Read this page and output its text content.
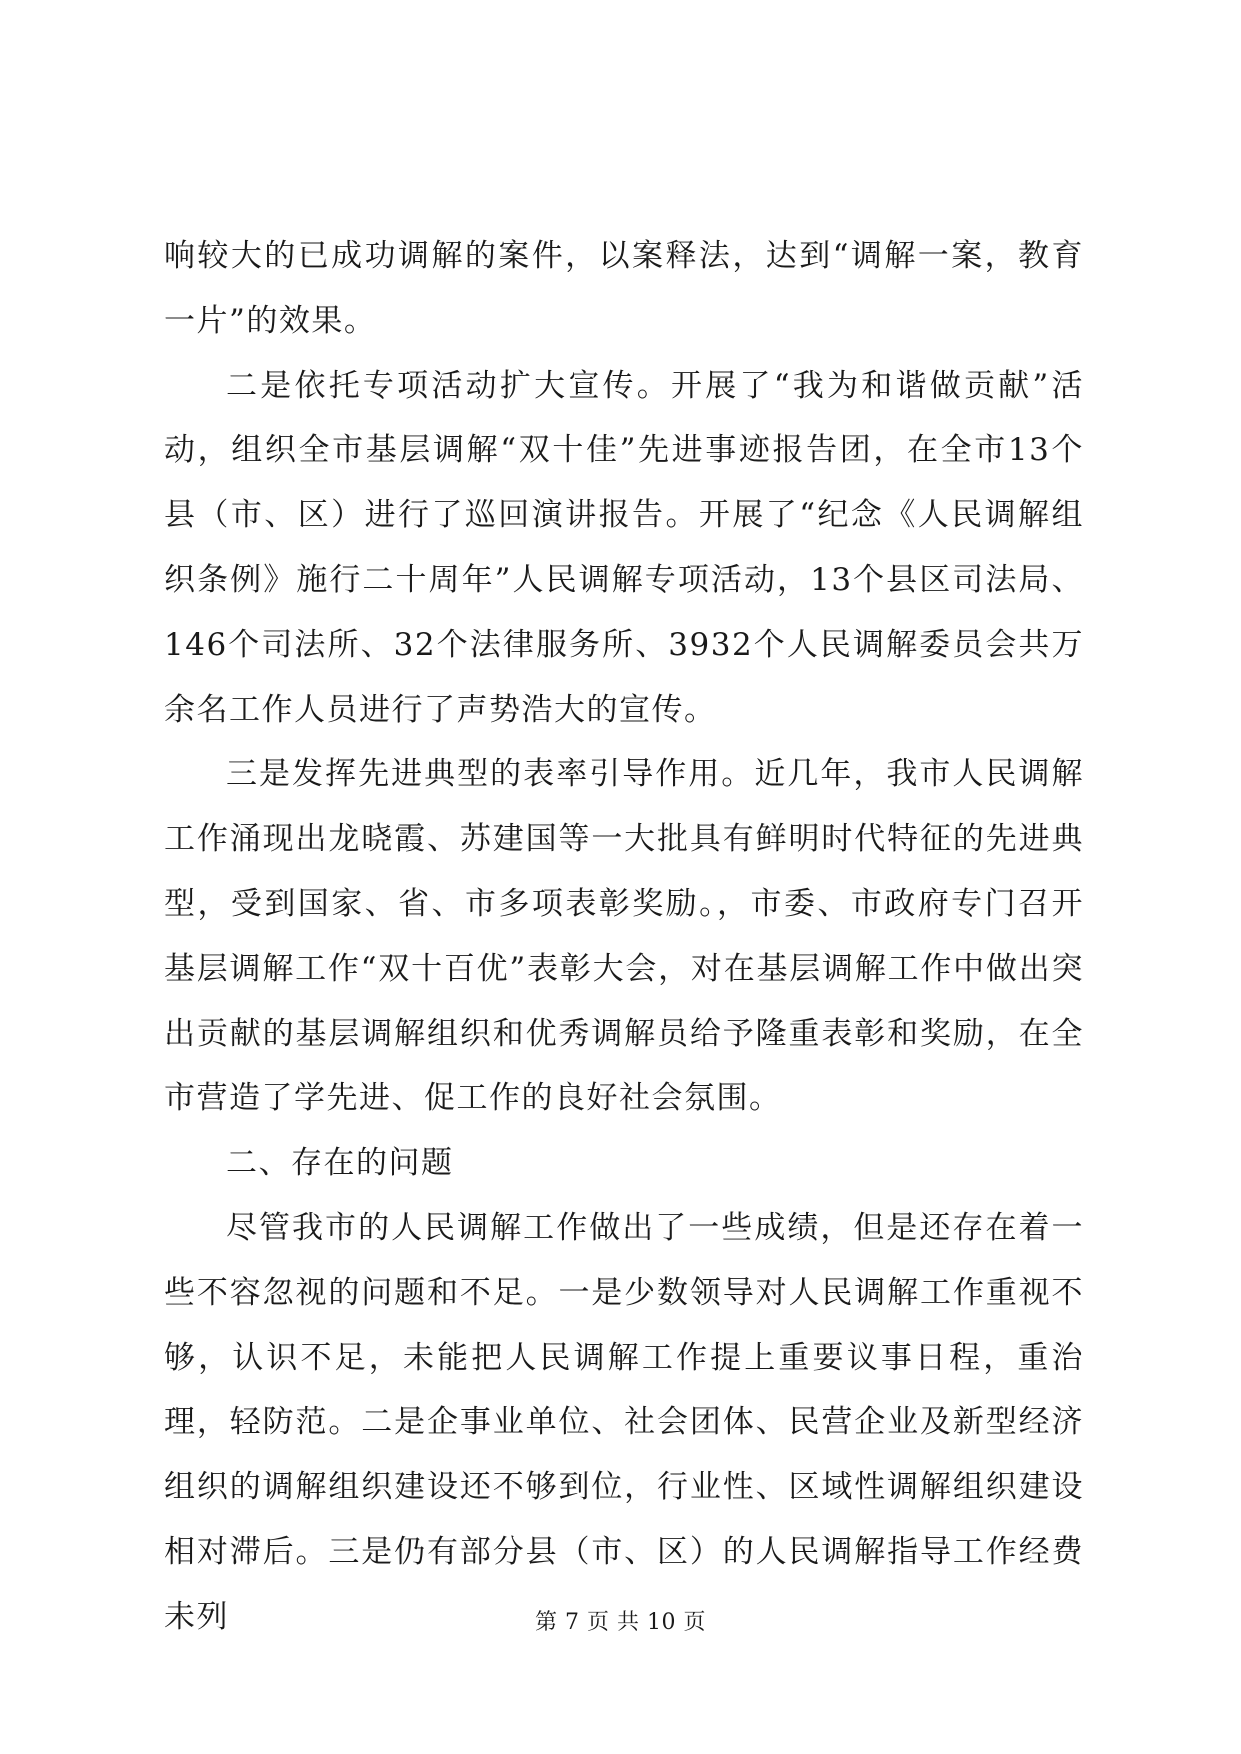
响较大的已成功调解的案件，以案释法，达到“调解一案，教育一片”的效果。

二是依托专项活动扩大宣传。开展了“我为和谐做贡献”活动，组织全市基层调解“双十佳”先进事迹报告团，在全市13个县（市、区）进行了巡回演讲报告。开展了“纪念《人民调解组织条例》施行二十周年”人民调解专项活动，13个县区司法局、146个司法所、32个法律服务所、3932个人民调解委员会共万余名工作人员进行了声势浩大的宣传。

三是发挥先进典型的表率引导作用。近几年，我市人民调解工作涌现出龙晓霞、苏建国等一大批具有鲜明时代特征的先进典型，受到国家、省、市多项表彰奖励。，市委、市政府专门召开基层调解工作“双十百优”表彰大会，对在基层调解工作中做出突出贡献的基层调解组织和优秀调解员给予隆重表彰和奖励，在全市营造了学先进、促工作的良好社会氛围。

二、存在的问题

尽管我市的人民调解工作做出了一些成绩，但是还存在着一些不容忽视的问题和不足。一是少数领导对人民调解工作重视不够，认识不足，未能把人民调解工作提上重要议事日程，重治理，轻防范。二是企事业单位、社会团体、民营企业及新型经济组织的调解组织建设还不够到位，行业性、区域性调解组织建设相对滞后。三是仍有部分县（市、区）的人民调解指导工作经费未列	第 7 页 共 10 页
